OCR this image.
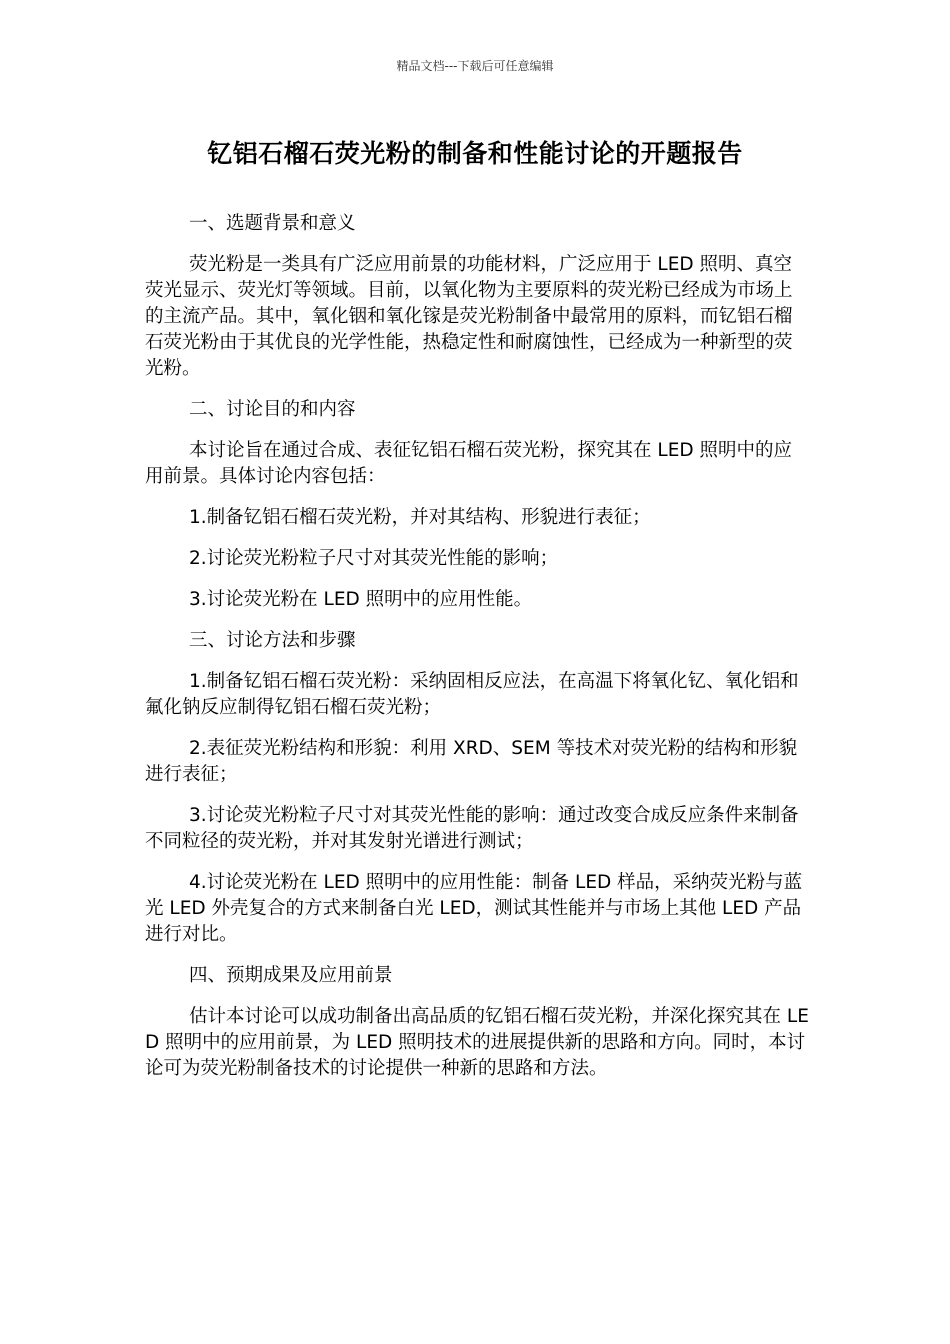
精品文档---下载后可任意编辑
钇铝石榴石荧光粉的制备和性能讨论的开题报告
一、选题背景和意义
荧光粉是一类具有广泛应用前景的功能材料，广泛应用于 LED 照明、真空荧光显示、荧光灯等领域。目前，以氧化物为主要原料的荧光粉已经成为市场上的主流产品。其中，氧化铟和氧化镓是荧光粉制备中最常用的原料，而钇铝石榴石荧光粉由于其优良的光学性能，热稳定性和耐腐蚀性，已经成为一种新型的荧光粉。
二、讨论目的和内容
本讨论旨在通过合成、表征钇铝石榴石荧光粉，探究其在 LED 照明中的应用前景。具体讨论内容包括：
1.制备钇铝石榴石荧光粉，并对其结构、形貌进行表征；
2.讨论荧光粉粒子尺寸对其荧光性能的影响；
3.讨论荧光粉在 LED 照明中的应用性能。
三、讨论方法和步骤
1.制备钇铝石榴石荧光粉：采纳固相反应法，在高温下将氧化钇、氧化铝和氟化钠反应制得钇铝石榴石荧光粉；
2.表征荧光粉结构和形貌：利用 XRD、SEM 等技术对荧光粉的结构和形貌进行表征；
3.讨论荧光粉粒子尺寸对其荧光性能的影响：通过改变合成反应条件来制备不同粒径的荧光粉，并对其发射光谱进行测试；
4.讨论荧光粉在 LED 照明中的应用性能：制备 LED 样品，采纳荧光粉与蓝光 LED 外壳复合的方式来制备白光 LED，测试其性能并与市场上其他 LED 产品进行对比。
四、预期成果及应用前景
估计本讨论可以成功制备出高品质的钇铝石榴石荧光粉，并深化探究其在 LED 照明中的应用前景，为 LED 照明技术的进展提供新的思路和方向。同时，本讨论可为荧光粉制备技术的讨论提供一种新的思路和方法。
